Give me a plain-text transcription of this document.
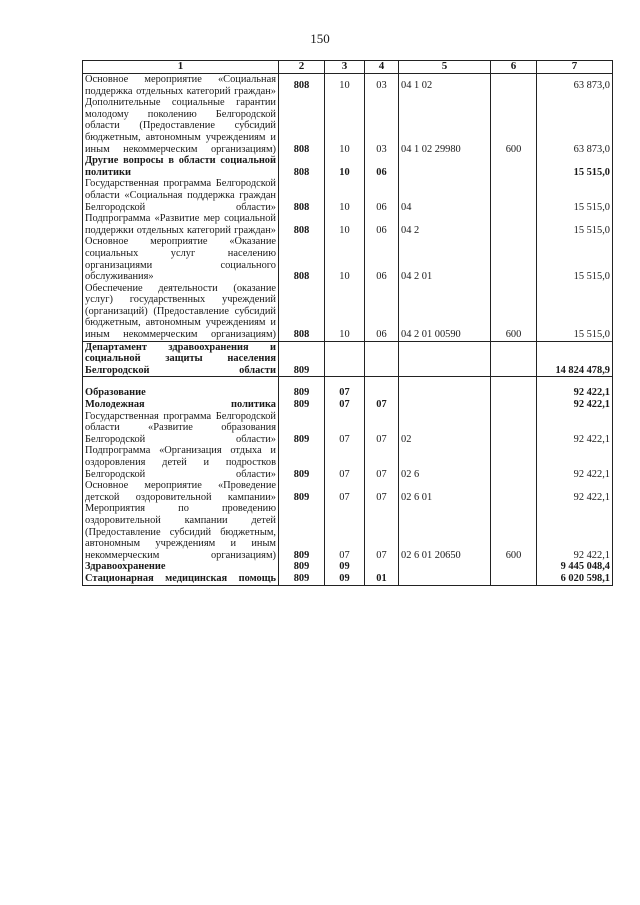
150
1	2	3	4	5	6	7
Основное мероприятие «Социальная поддержка отдельных категорий граждан»	808	10	03	04 1 02		63 873,0
Дополнительные социальные гарантии молодому поколению Белгородской области (Предоставление субсидий бюджетным, автономным учреждениям и иным некоммерческим организациям)	808	10	03	04 1 02 29980	600	63 873,0
Другие вопросы в области социальной политики	808	10	06			15 515,0
Государственная программа Белгородской области «Социальная поддержка граждан Белгородской области»	808	10	06	04		15 515,0
Подпрограмма «Развитие мер социальной поддержки отдельных категорий граждан»	808	10	06	04 2		15 515,0
Основное мероприятие «Оказание социальных услуг населению организациями социального обслуживания»	808	10	06	04 2 01		15 515,0
Обеспечение деятельности (оказание услуг) государственных учреждений (организаций) (Предоставление субсидий бюджетным, автономным учреждениям и иным некоммерческим организациям)	808	10	06	04 2 01 00590	600	15 515,0
Департамент здравоохранения и социальной защиты населения Белгородской области	809					14 824 478,9

Образование	809	07				92 422,1
Молодежная политика	809	07	07			92 422,1
Государственная программа Белгородской области «Развитие образования Белгородской области»	809	07	07	02		92 422,1
Подпрограмма «Организация отдыха и оздоровления детей и подростков Белгородской области»	809	07	07	02 6		92 422,1
Основное мероприятие «Проведение детской оздоровительной кампании»	809	07	07	02 6 01		92 422,1
Мероприятия по проведению оздоровительной кампании детей (Предоставление субсидий бюджетным, автономным учреждениям и иным некоммерческим организациям)	809	07	07	02 6 01 20650	600	92 422,1
Здравоохранение	809	09				9 445 048,4
Стационарная медицинская помощь	809	09	01			6 020 598,1
